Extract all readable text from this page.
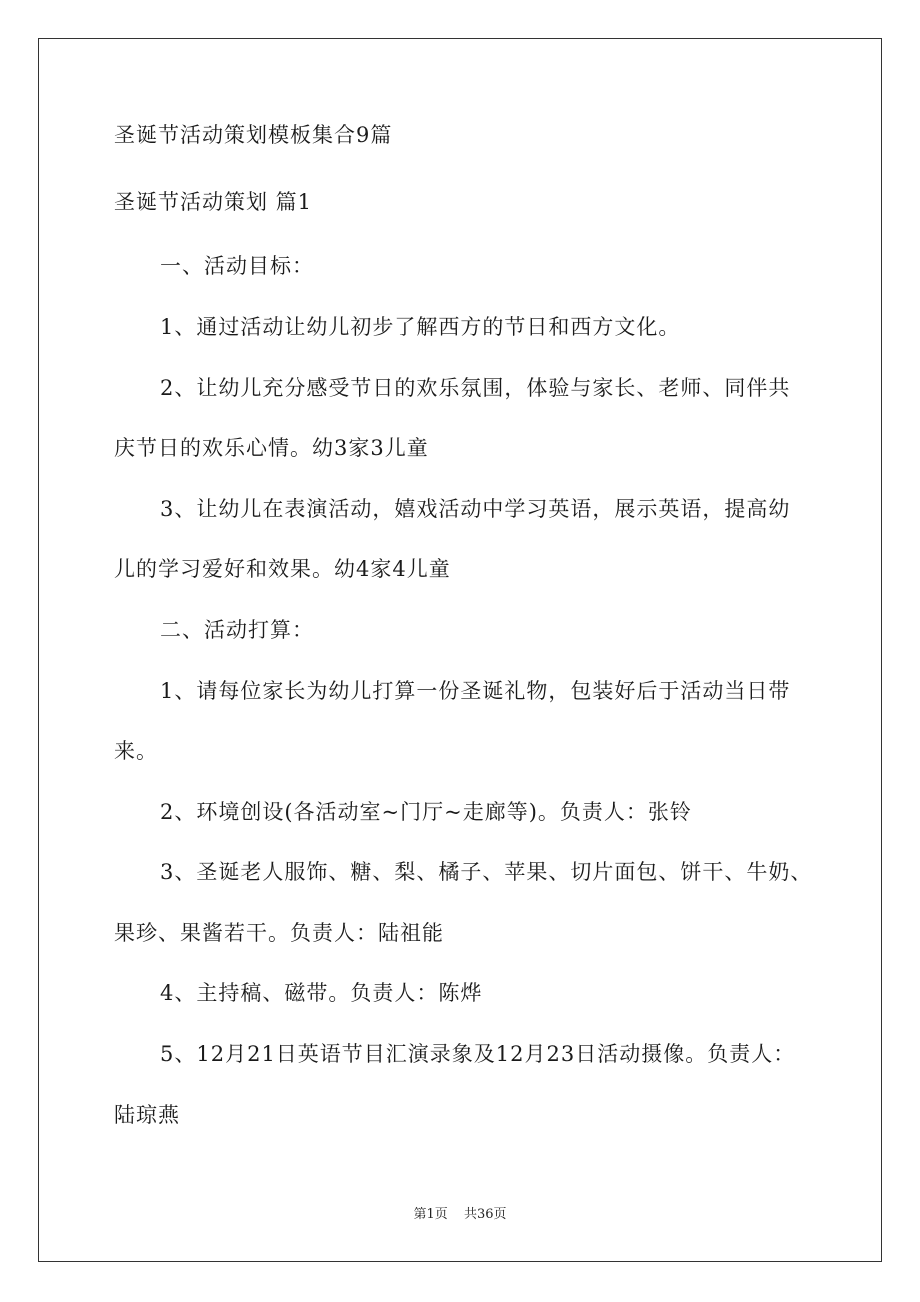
圣诞节活动策划模板集合9篇
圣诞节活动策划 篇1
一、活动目标：
1、通过活动让幼儿初步了解西方的节日和西方文化。
2、让幼儿充分感受节日的欢乐氛围，体验与家长、老师、同伴共
庆节日的欢乐心情。幼3家3儿童
3、让幼儿在表演活动，嬉戏活动中学习英语，展示英语，提高幼
儿的学习爱好和效果。幼4家4儿童
二、活动打算：
1、请每位家长为幼儿打算一份圣诞礼物，包装好后于活动当日带
来。
2、环境创设(各活动室~门厅~走廊等)。负责人：张铃
3、圣诞老人服饰、糖、梨、橘子、苹果、切片面包、饼干、牛奶、
果珍、果酱若干。负责人：陆祖能
4、主持稿、磁带。负责人：陈烨
5、12月21日英语节目汇演录象及12月23日活动摄像。负责人：
陆琼燕
第1页 共36页
